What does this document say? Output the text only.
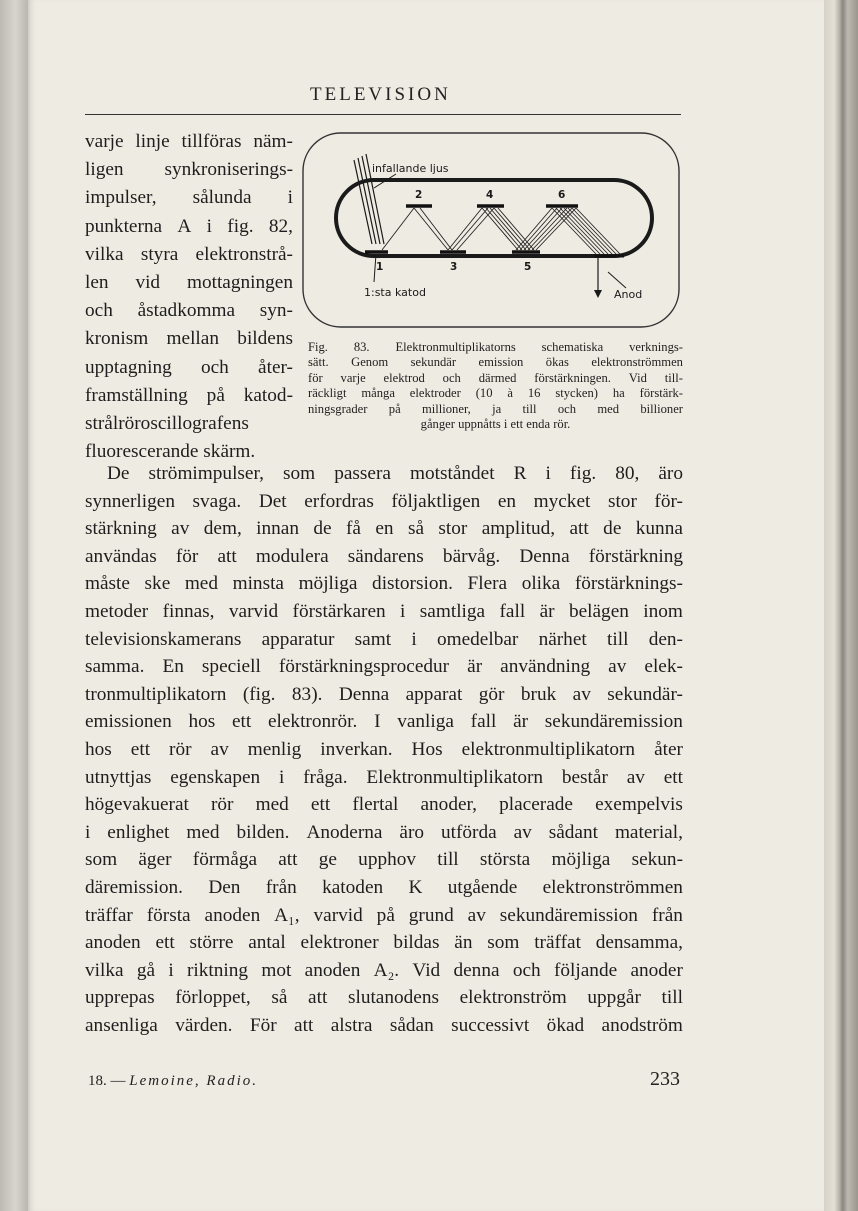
TELEVISION
varje linje tillföras näm-
ligen synkroniserings-
impulser, sålunda i
punkterna A i fig. 82,
vilka styra elektronstrå-
len vid mottagningen
och åstadkomma syn-
kronism mellan bildens
upptagning och åter-
framställning på katod-
strålröroscillografens
fluorescerande skärm.
infallande ljus
1:sta katod	Anod
1
2
3
4
5
6
Fig. 83. Elektronmultiplikatorns schematiska verknings-
sätt. Genom sekundär emission ökas elektronströmmen
för varje elektrod och därmed förstärkningen. Vid till-
räckligt många elektroder (10 à 16 stycken) ha förstärk-
ningsgrader på millioner, ja till och med billioner
gånger uppnåtts i ett enda rör.
De strömimpulser, som passera motståndet R i fig. 80, äro
synnerligen svaga. Det erfordras följaktligen en mycket stor för-
stärkning av dem, innan de få en så stor amplitud, att de kunna
användas för att modulera sändarens bärvåg. Denna förstärkning
måste ske med minsta möjliga distorsion. Flera olika förstärknings-
metoder finnas, varvid förstärkaren i samtliga fall är belägen inom
televisionskamerans apparatur samt i omedelbar närhet till den-
samma. En speciell förstärkningsprocedur är användning av elek-
tronmultiplikatorn (fig. 83). Denna apparat gör bruk av sekundär-
emissionen hos ett elektronrör. I vanliga fall är sekundäremission
hos ett rör av menlig inverkan. Hos elektronmultiplikatorn åter
utnyttjas egenskapen i fråga. Elektronmultiplikatorn består av ett
högevakuerat rör med ett flertal anoder, placerade exempelvis
i enlighet med bilden. Anoderna äro utförda av sådant material,
som äger förmåga att ge upphov till största möjliga sekun-
däremission. Den från katoden K utgående elektronströmmen
träffar första anoden A₁, varvid på grund av sekundäremission från
anoden ett större antal elektroner bildas än som träffat densamma,
vilka gå i riktning mot anoden A₂. Vid denna och följande anoder
upprepas förloppet, så att slutanodens elektronström uppgår till
ansenliga värden. För att alstra sådan successivt ökad anodström
18. — Lemoine, Radio.	233
